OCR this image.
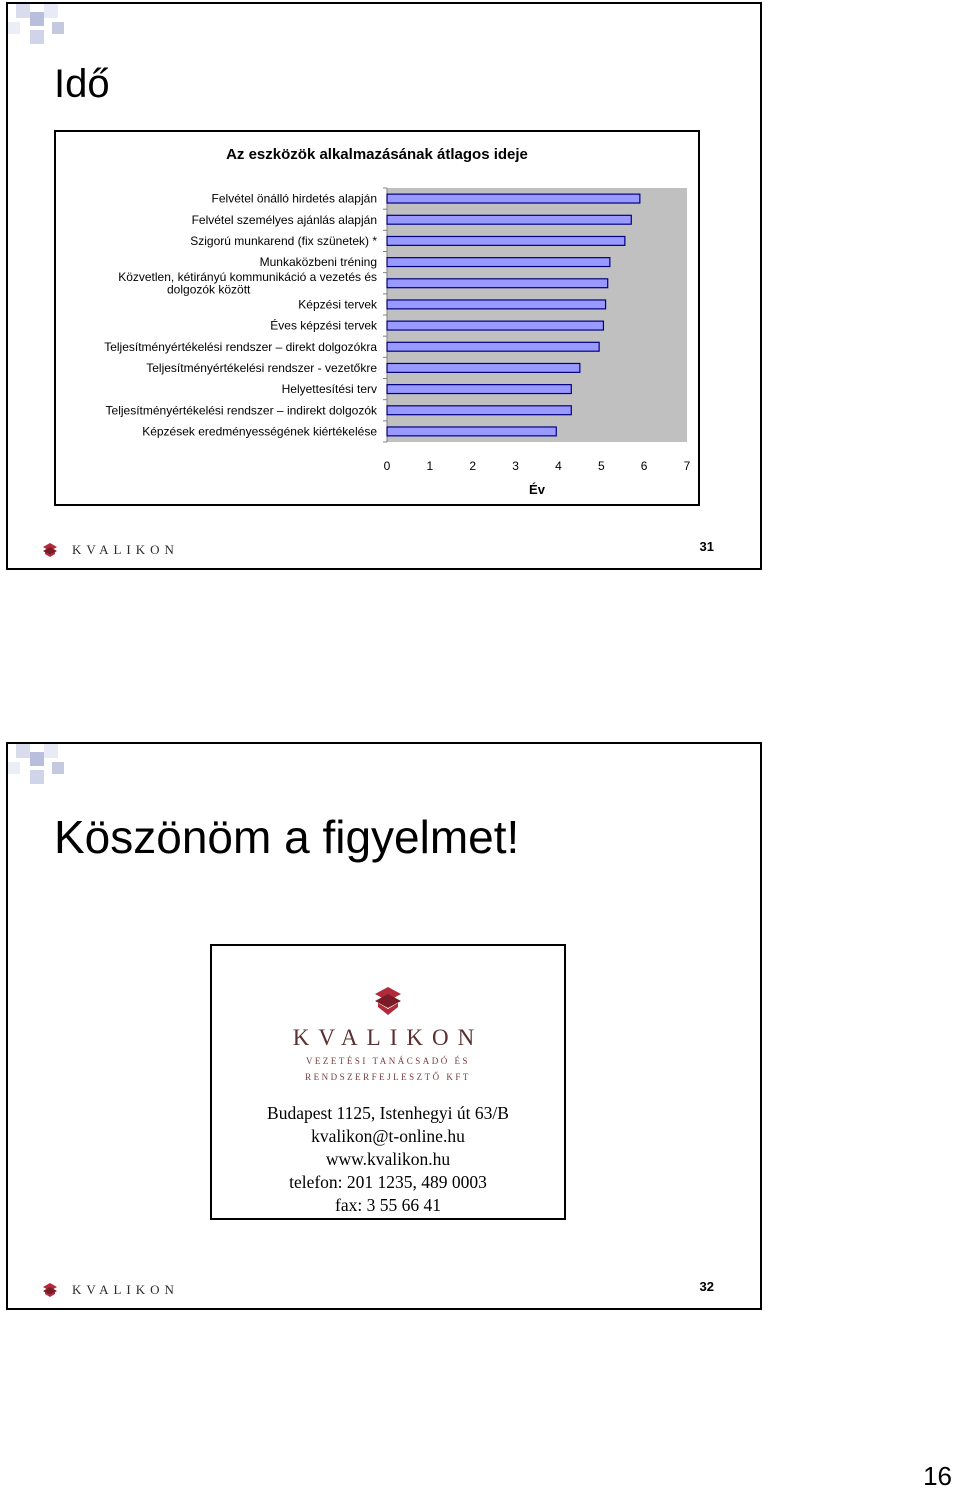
Idő
Az eszközök alkalmazásának átlagos ideje
Felvétel önálló hirdetés alapján
Felvétel személyes ajánlás alapján
Szigorú munkarend (fix szünetek) *
Munkaközbeni tréning
Közvetlen, kétirányú kommunikáció a vezetés és
dolgozók között
Képzési tervek
Éves képzési tervek
Teljesítményértékelési rendszer – direkt dolgozókra
Teljesítményértékelési rendszer - vezetőkre
Helyettesítési terv
Teljesítményértékelési rendszer – indirekt dolgozók
Képzések eredményességének kiértékelése
0	1	2	3	4	5	6	7
Év
KVALIKON	31
Köszönöm a figyelmet!
KVALIKON
VEZETÉSI TANÁCSADÓ ÉS
RENDSZERFEJLESZTŐ KFT
Budapest 1125, Istenhegyi út 63/B
kvalikon@t-online.hu
www.kvalikon.hu
telefon: 201 1235, 489 0003
fax: 3 55 66 41
KVALIKON	32
16
